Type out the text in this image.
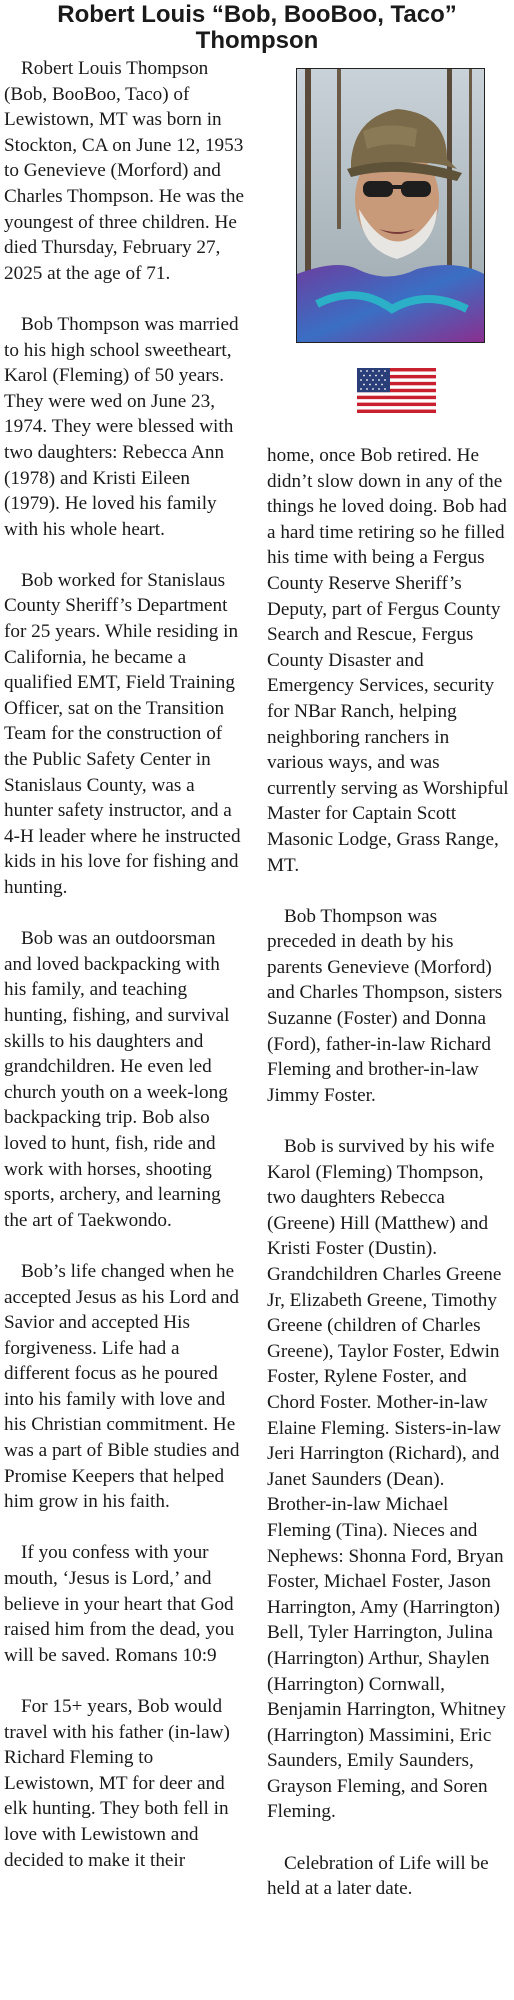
Robert Louis “Bob, BooBoo, Taco”
Thompson

Robert Louis Thompson (Bob, BooBoo, Taco) of Lewistown, MT was born in Stockton, CA on June 12, 1953 to Genevieve (Morford) and Charles Thompson. He was the youngest of three children. He died Thursday, February 27, 2025 at the age of 71.

Bob Thompson was married to his high school sweetheart, Karol (Fleming) of 50 years. They were wed on June 23, 1974. They were blessed with two daughters: Rebecca Ann (1978) and Kristi Eileen (1979). He loved his family with his whole heart.

Bob worked for Stanislaus County Sheriff’s Department for 25 years. While residing in California, he became a qualified EMT, Field Training Officer, sat on the Transition Team for the construction of the Public Safety Center in Stanislaus County, was a hunter safety instructor, and a 4-H leader where he instructed kids in his love for fishing and hunting.

Bob was an outdoorsman and loved backpacking with his family, and teaching hunting, fishing, and survival skills to his daughters and grandchildren. He even led church youth on a week-long backpacking trip. Bob also loved to hunt, fish, ride and work with horses, shooting sports, archery, and learning the art of Taekwondo.

Bob’s life changed when he accepted Jesus as his Lord and Savior and accepted His forgiveness. Life had a different focus as he poured into his family with love and his Christian commitment. He was a part of Bible studies and Promise Keepers that helped him grow in his faith.

If you confess with your mouth, ‘Jesus is Lord,’ and believe in your heart that God raised him from the dead, you will be saved. Romans 10:9

For 15+ years, Bob would travel with his father (in-law) Richard Fleming to Lewistown, MT for deer and elk hunting. They both fell in love with Lewistown and decided to make it their

home, once Bob retired. He didn’t slow down in any of the things he loved doing. Bob had a hard time retiring so he filled his time with being a Fergus County Reserve Sheriff’s Deputy, part of Fergus County Search and Rescue, Fergus County Disaster and Emergency Services, security for NBar Ranch, helping neighboring ranchers in various ways, and was currently serving as Worshipful Master for Captain Scott Masonic Lodge, Grass Range, MT.

Bob Thompson was preceded in death by his parents Genevieve (Morford) and Charles Thompson, sisters Suzanne (Foster) and Donna (Ford), father-in-law Richard Fleming and brother-in-law Jimmy Foster.

Bob is survived by his wife Karol (Fleming) Thompson, two daughters Rebecca (Greene) Hill (Matthew) and Kristi Foster (Dustin). Grandchildren Charles Greene Jr, Elizabeth Greene, Timothy Greene (children of Charles Greene), Taylor Foster, Edwin Foster, Rylene Foster, and Chord Foster. Mother-in-law Elaine Fleming. Sisters-in-law Jeri Harrington (Richard), and Janet Saunders (Dean). Brother-in-law Michael Fleming (Tina). Nieces and Nephews: Shonna Ford, Bryan Foster, Michael Foster, Jason Harrington, Amy (Harrington) Bell, Tyler Harrington, Julina (Harrington) Arthur, Shaylen (Harrington) Cornwall, Benjamin Harrington, Whitney (Harrington) Massimini, Eric Saunders, Emily Saunders, Grayson Fleming, and Soren Fleming.

Celebration of Life will be held at a later date.
